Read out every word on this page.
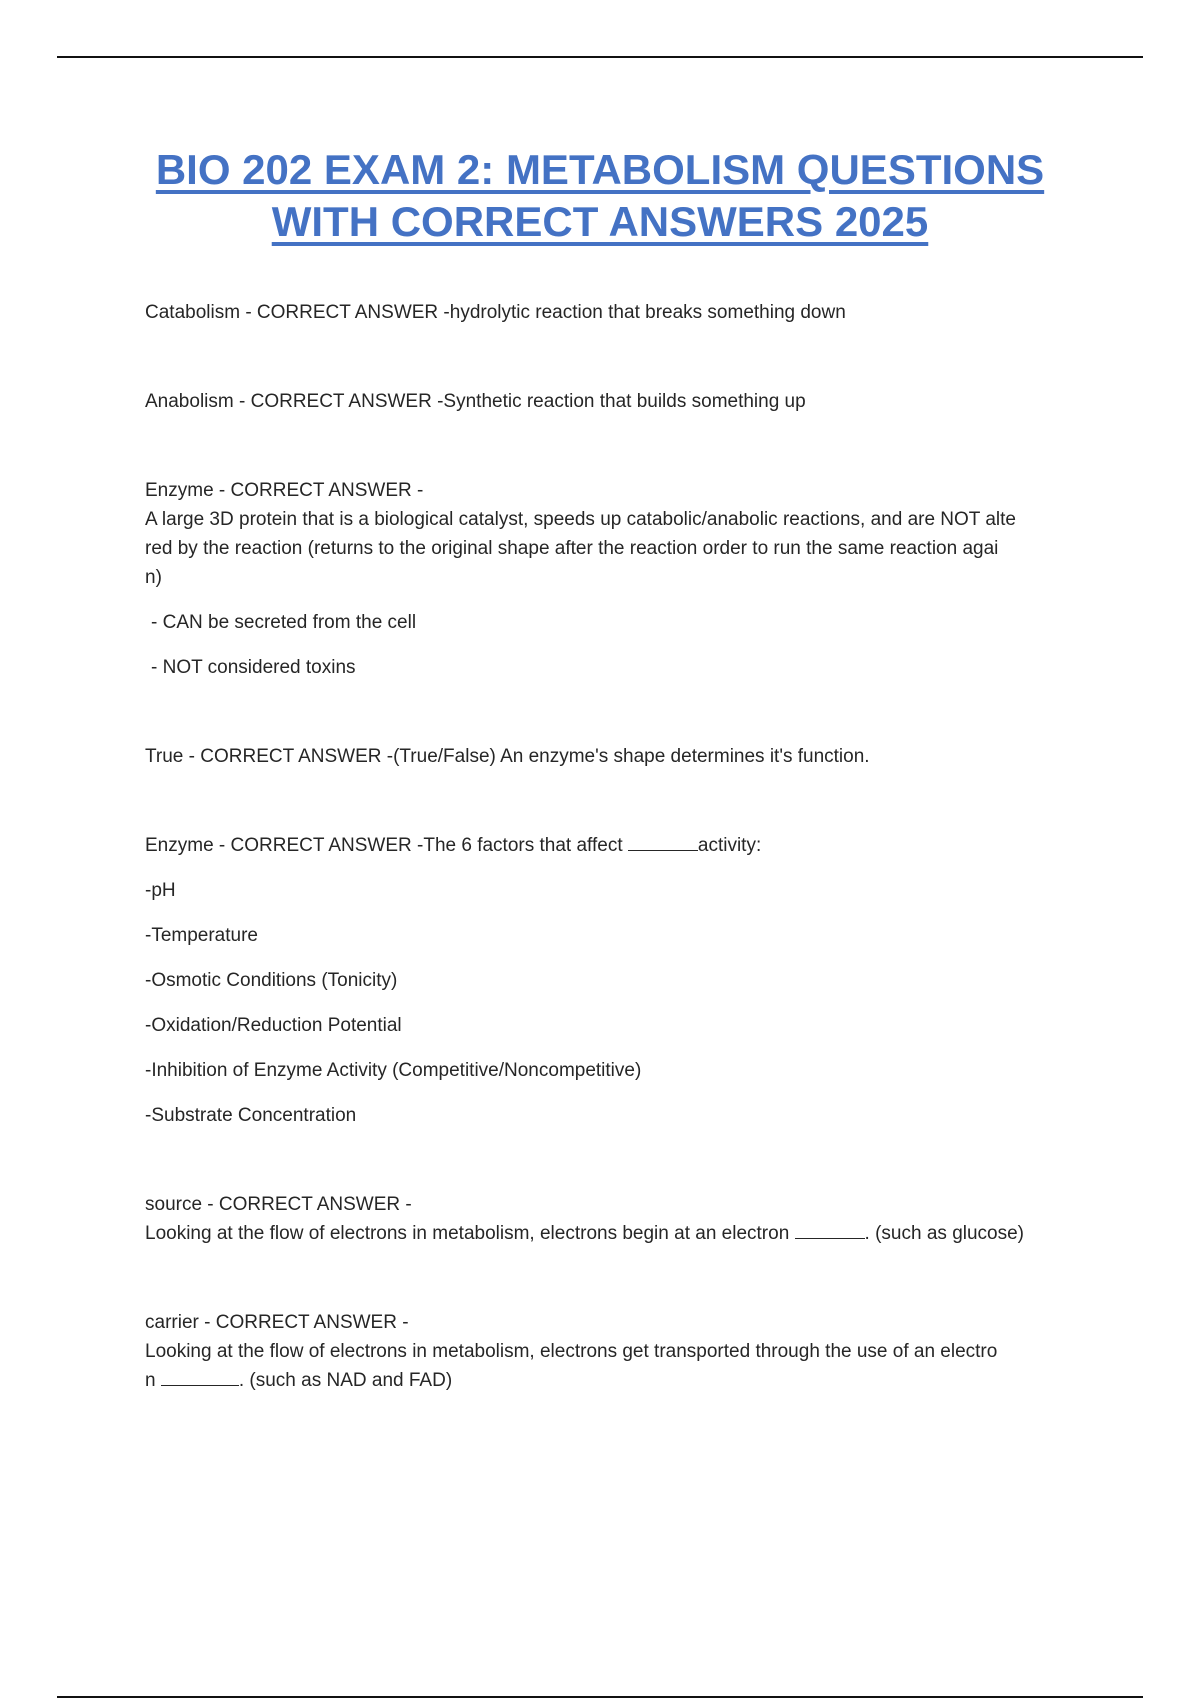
BIO 202 EXAM 2: METABOLISM QUESTIONS
WITH CORRECT ANSWERS 2025
Catabolism - CORRECT ANSWER -hydrolytic reaction that breaks something down
Anabolism - CORRECT ANSWER -Synthetic reaction that builds something up
Enzyme - CORRECT ANSWER -
A large 3D protein that is a biological catalyst, speeds up catabolic/anabolic reactions, and are NOT alte
red by the reaction (returns to the original shape after the reaction order to run the same reaction agai
n)
- CAN be secreted from the cell
- NOT considered toxins
True - CORRECT ANSWER -(True/False) An enzyme's shape determines it's function.
Enzyme - CORRECT ANSWER -The 6 factors that affect	activity:
-pH
-Temperature
-Osmotic Conditions (Tonicity)
-Oxidation/Reduction Potential
-Inhibition of Enzyme Activity (Competitive/Noncompetitive)
-Substrate Concentration
source - CORRECT ANSWER -
Looking at the flow of electrons in metabolism, electrons begin at an electron	. (such as glucose)
carrier - CORRECT ANSWER -
Looking at the flow of electrons in metabolism, electrons get transported through the use of an electro
n	. (such as NAD and FAD)
